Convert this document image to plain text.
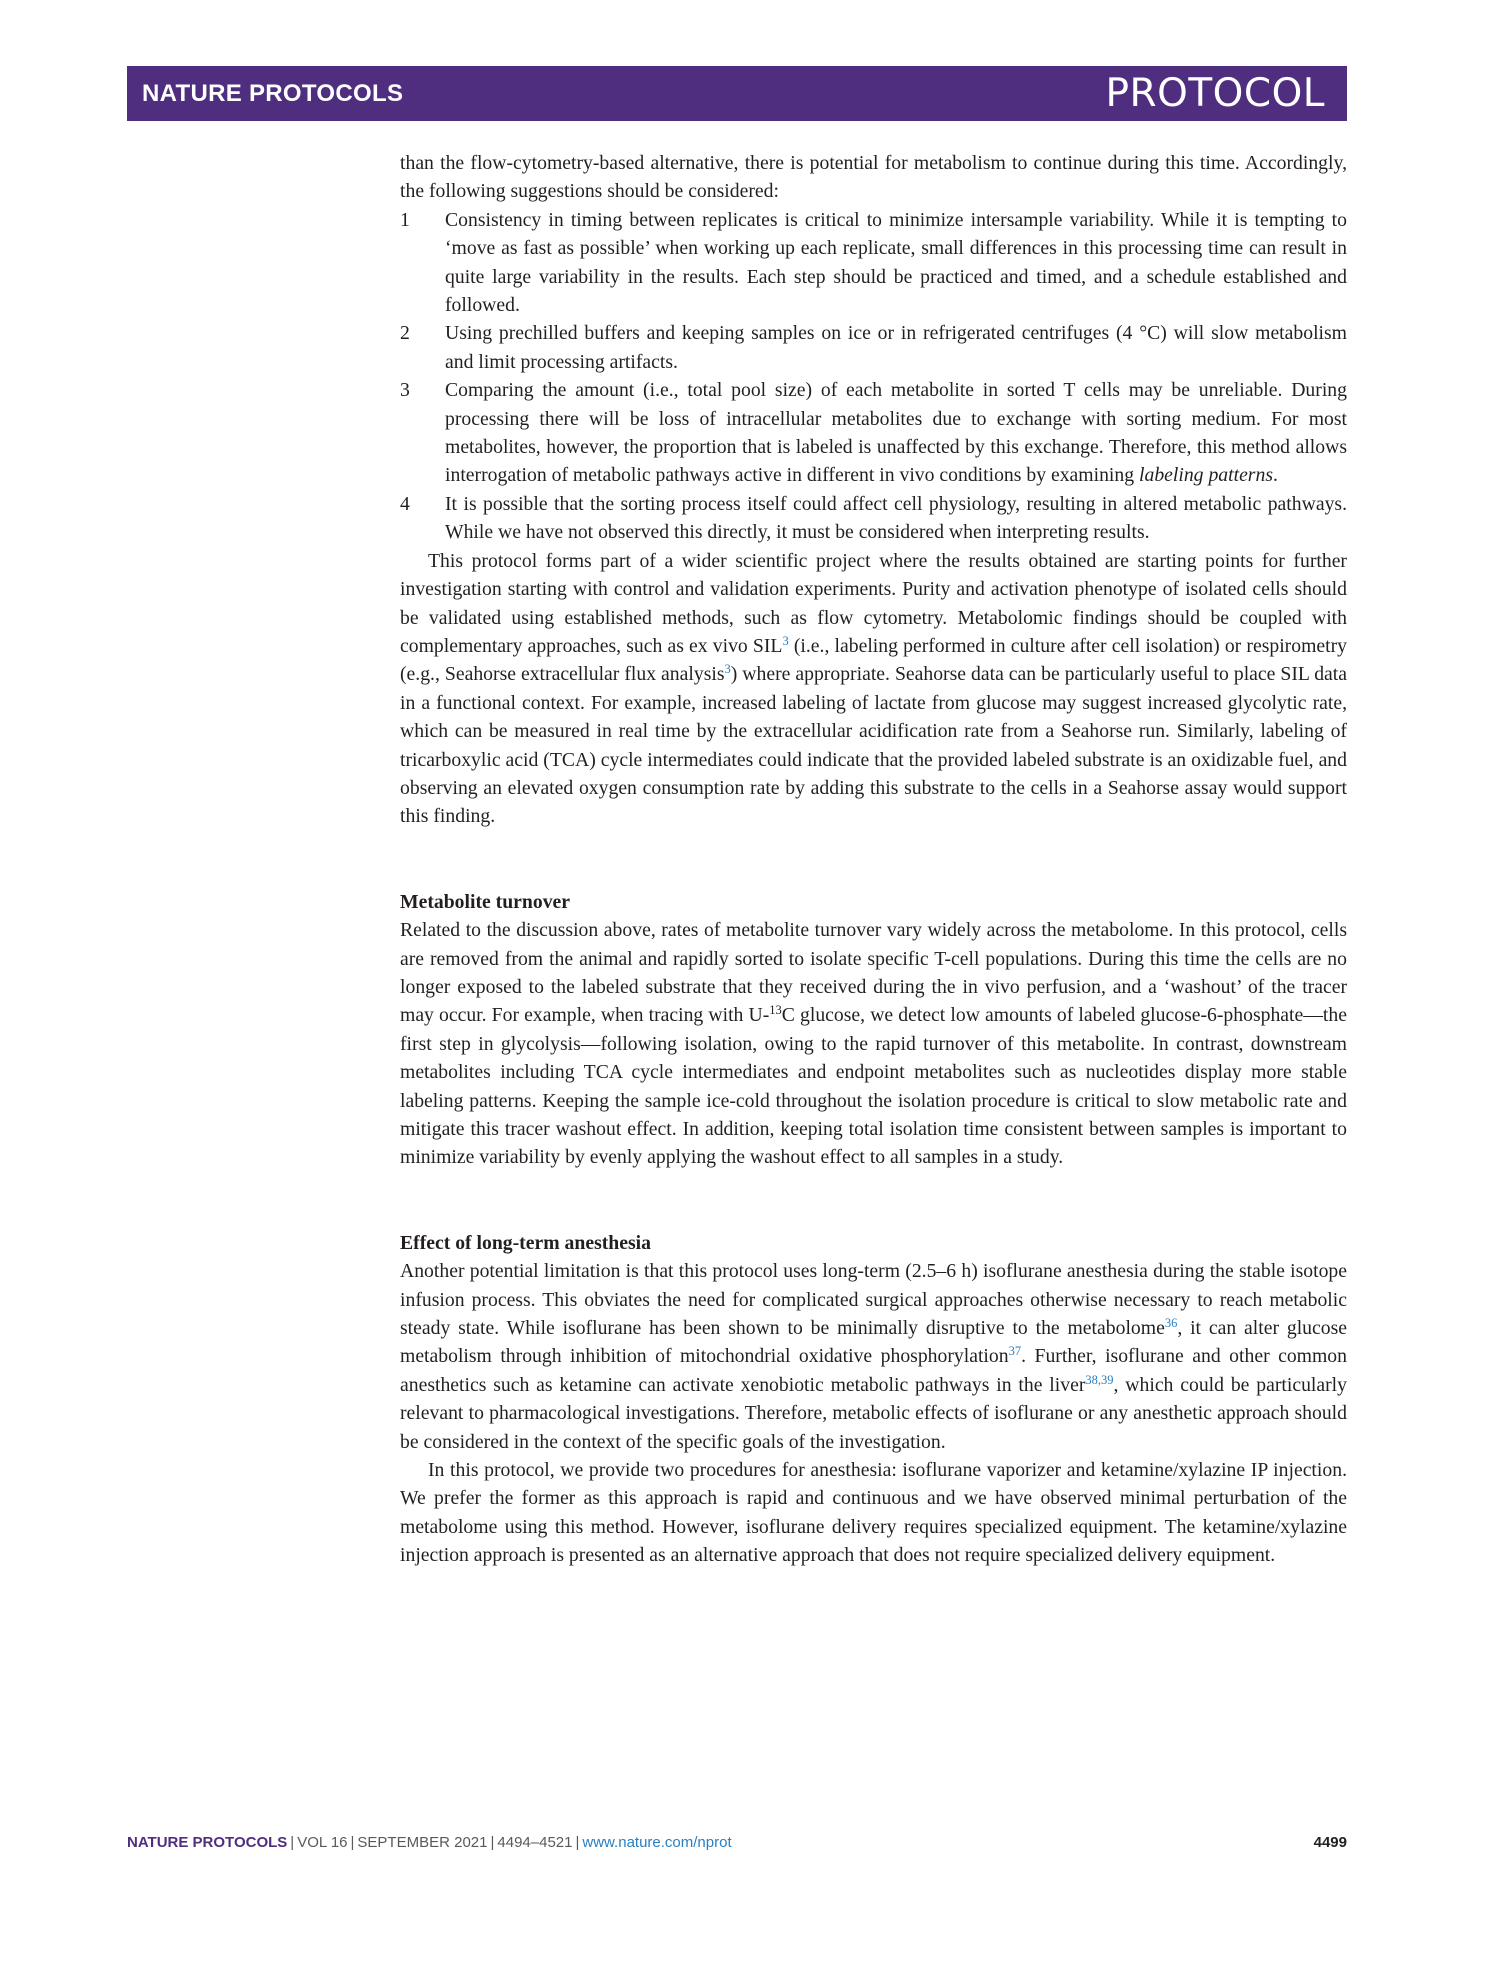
NATURE PROTOCOLS	PROTOCOL

than the flow-cytometry-based alternative, there is potential for metabolism to continue during this time. Accordingly, the following suggestions should be considered:

1 Consistency in timing between replicates is critical to minimize intersample variability. While it is tempting to ‘move as fast as possible’ when working up each replicate, small differences in this processing time can result in quite large variability in the results. Each step should be practiced and timed, and a schedule established and followed.
2 Using prechilled buffers and keeping samples on ice or in refrigerated centrifuges (4 °C) will slow metabolism and limit processing artifacts.
3 Comparing the amount (i.e., total pool size) of each metabolite in sorted T cells may be unreliable. During processing there will be loss of intracellular metabolites due to exchange with sorting medium. For most metabolites, however, the proportion that is labeled is unaffected by this exchange. Therefore, this method allows interrogation of metabolic pathways active in different in vivo conditions by examining labeling patterns.
4 It is possible that the sorting process itself could affect cell physiology, resulting in altered metabolic pathways. While we have not observed this directly, it must be considered when interpreting results.

This protocol forms part of a wider scientific project where the results obtained are starting points for further investigation starting with control and validation experiments. Purity and activation phenotype of isolated cells should be validated using established methods, such as flow cytometry. Metabolomic findings should be coupled with complementary approaches, such as ex vivo SIL$^3$ (i.e., labeling performed in culture after cell isolation) or respirometry (e.g., Seahorse extracellular flux analysis$^3$) where appropriate. Seahorse data can be particularly useful to place SIL data in a functional context. For example, increased labeling of lactate from glucose may suggest increased glycolytic rate, which can be measured in real time by the extracellular acidification rate from a Seahorse run. Similarly, labeling of tricarboxylic acid (TCA) cycle intermediates could indicate that the provided labeled substrate is an oxidizable fuel, and observing an elevated oxygen consumption rate by adding this substrate to the cells in a Seahorse assay would support this finding.

Metabolite turnover

Related to the discussion above, rates of metabolite turnover vary widely across the metabolome. In this protocol, cells are removed from the animal and rapidly sorted to isolate specific T-cell populations. During this time the cells are no longer exposed to the labeled substrate that they received during the in vivo perfusion, and a ‘washout’ of the tracer may occur. For example, when tracing with U-$^{13}$C glucose, we detect low amounts of labeled glucose-6-phosphate—the first step in glycolysis—following isolation, owing to the rapid turnover of this metabolite. In contrast, downstream metabolites including TCA cycle intermediates and endpoint metabolites such as nucleotides display more stable labeling patterns. Keeping the sample ice-cold throughout the isolation procedure is critical to slow metabolic rate and mitigate this tracer washout effect. In addition, keeping total isolation time consistent between samples is important to minimize variability by evenly applying the washout effect to all samples in a study.

Effect of long-term anesthesia

Another potential limitation is that this protocol uses long-term (2.5–6 h) isoflurane anesthesia during the stable isotope infusion process. This obviates the need for complicated surgical approaches otherwise necessary to reach metabolic steady state. While isoflurane has been shown to be minimally disruptive to the metabolome$^{36}$, it can alter glucose metabolism through inhibition of mitochondrial oxidative phosphorylation$^{37}$. Further, isoflurane and other common anesthetics such as ketamine can activate xenobiotic metabolic pathways in the liver$^{38,39}$, which could be particularly relevant to pharmacological investigations. Therefore, metabolic effects of isoflurane or any anesthetic approach should be considered in the context of the specific goals of the investigation.

In this protocol, we provide two procedures for anesthesia: isoflurane vaporizer and ketamine/xylazine IP injection. We prefer the former as this approach is rapid and continuous and we have observed minimal perturbation of the metabolome using this method. However, isoflurane delivery requires specialized equipment. The ketamine/xylazine injection approach is presented as an alternative approach that does not require specialized delivery equipment.

NATURE PROTOCOLS | VOL 16 | SEPTEMBER 2021 | 4494–4521 | www.nature.com/nprot	4499
